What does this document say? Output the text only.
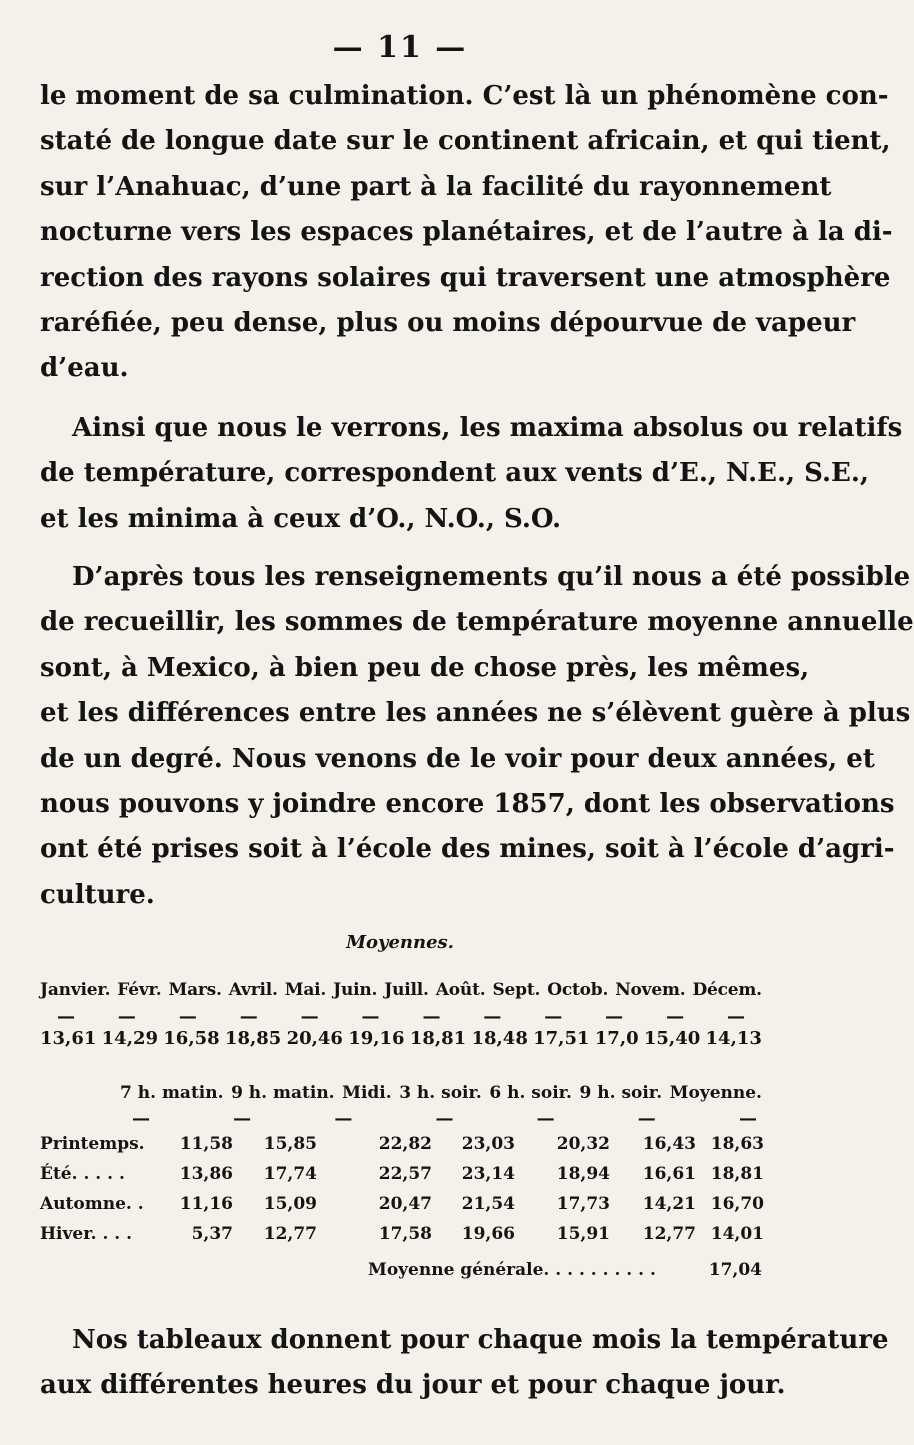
— 11 —

le moment de sa culmination. C’est là un phénomène con-
staté de longue date sur le continent africain, et qui tient,
sur l’Anahuac, d’une part à la facilité du rayonnement
nocturne vers les espaces planétaires, et de l’autre à la di-
rection des rayons solaires qui traversent une atmosphère
raréfiée, peu dense, plus ou moins dépourvue de vapeur
d’eau.

Ainsi que nous le verrons, les maxima absolus ou relatifs
de température, correspondent aux vents d’E., N.E., S.E.,
et les minima à ceux d’O., N.O., S.O.

D’après tous les renseignements qu’il nous a été possible
de recueillir, les sommes de température moyenne annuelle
sont, à Mexico, à bien peu de chose près, les mêmes,
et les différences entre les années ne s’élèvent guère à plus
de un degré. Nous venons de le voir pour deux années, et
nous pouvons y joindre encore 1857, dont les observations
ont été prises soit à l’école des mines, soit à l’école d’agri-
culture.

Moyennes.
Janvier. Févr. Mars. Avril. Mai. Juin. Juill. Août. Sept. Octob. Novem. Décem.
—	—	—	—	—	—	—	—	—	—	—	—
13,61 14,29 16,58 18,85 20,46 19,16 18,81 18,48 17,51 17,0 15,40 14,13
7 h. matin. 9 h. matin. Midi. 3 h. soir. 6 h. soir. 9 h. soir. Moyenne.
—	—	—	—	—	—	—
Printemps.	11,58	15,85	22,82	23,03	20,32	16,43 18,63
Été. . . . .	13,86	17,74	22,57	23,14	18,94	16,61 18,81
Automne. .	11,16	15,09	20,47	21,54	17,73	14,21 16,70
Hiver. . . .	5,37	12,77	17,58	19,66	15,91	12,77 14,01
Moyenne générale. . . . . . . . . .	17,04

Nos tableaux donnent pour chaque mois la température
aux différentes heures du jour et pour chaque jour.
